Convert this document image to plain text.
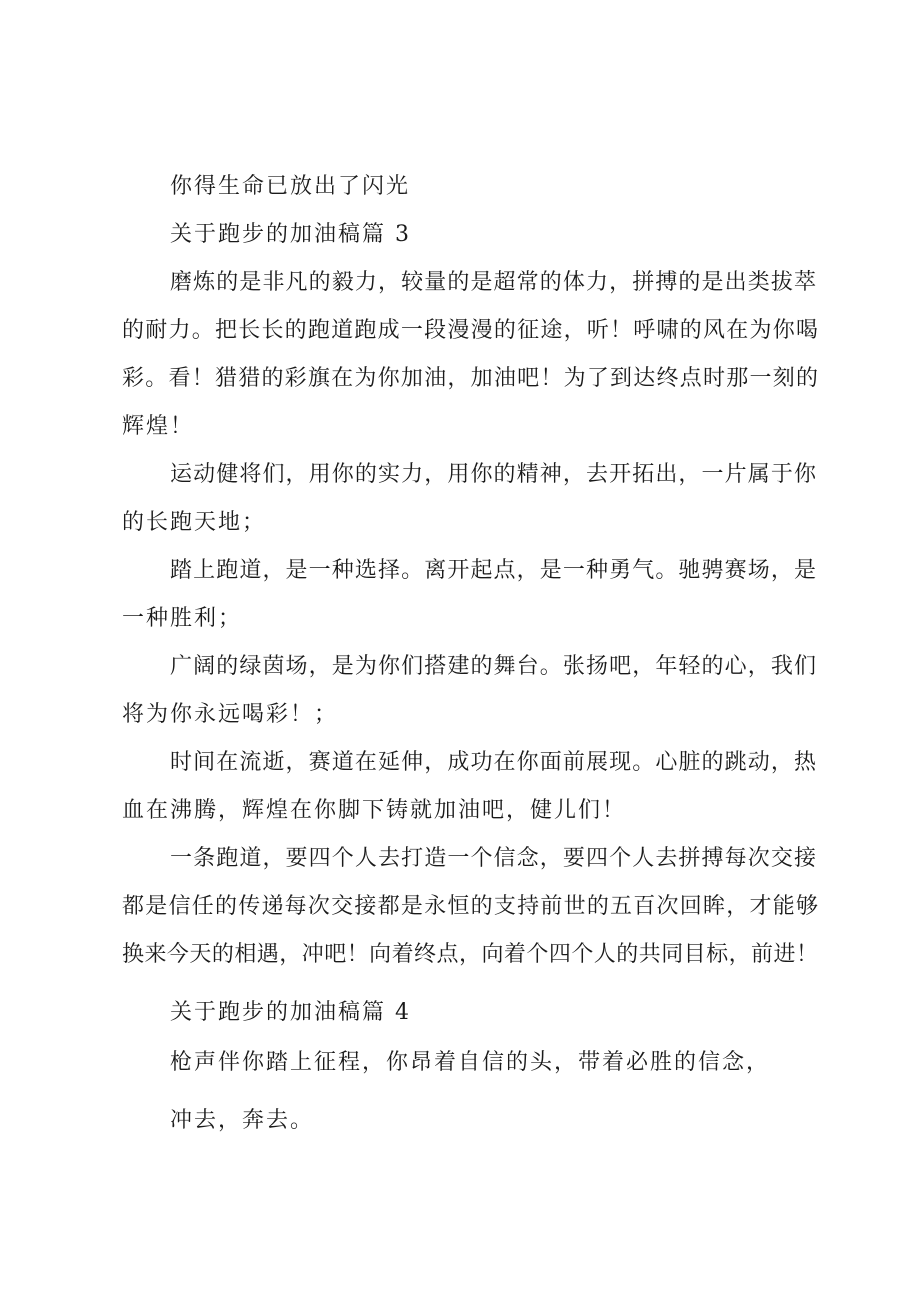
你得生命已放出了闪光
关于跑步的加油稿篇 3
磨炼的是非凡的毅力，较量的是超常的体力，拼搏的是出类拔萃
的耐力。把长长的跑道跑成一段漫漫的征途，听！呼啸的风在为你喝
彩。看！猎猎的彩旗在为你加油，加油吧！为了到达终点时那一刻的
辉煌！
运动健将们，用你的实力，用你的精神，去开拓出，一片属于你
的长跑天地；
踏上跑道，是一种选择。离开起点，是一种勇气。驰骋赛场，是
一种胜利；
广阔的绿茵场，是为你们搭建的舞台。张扬吧，年轻的心，我们
将为你永远喝彩！；
时间在流逝，赛道在延伸，成功在你面前展现。心脏的跳动，热
血在沸腾，辉煌在你脚下铸就加油吧，健儿们！
一条跑道，要四个人去打造一个信念，要四个人去拼搏每次交接
都是信任的传递每次交接都是永恒的支持前世的五百次回眸，才能够
换来今天的相遇，冲吧！向着终点，向着个四个人的共同目标，前进！
关于跑步的加油稿篇 4
枪声伴你踏上征程，你昂着自信的头，带着必胜的信念，
冲去，奔去。
